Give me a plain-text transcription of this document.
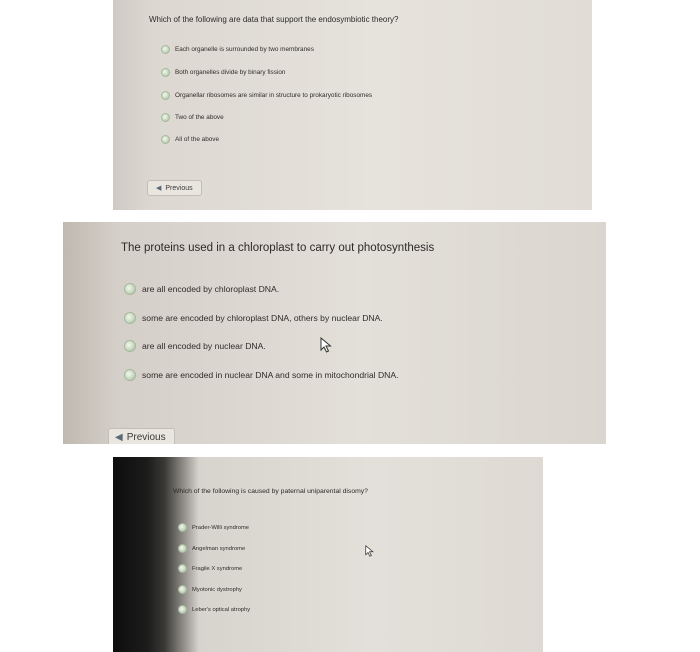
Which of the following are data that support the endosymbiotic theory?
Each organelle is surrounded by two membranes
Both organelles divide by binary fission
Organellar ribosomes are similar in structure to prokaryotic ribosomes
Two of the above
All of the above
◀ Previous
The proteins used in a chloroplast to carry out photosynthesis
are all encoded by chloroplast DNA.
some are encoded by chloroplast DNA, others by nuclear DNA.
are all encoded by nuclear DNA.
some are encoded in nuclear DNA and some in mitochondrial DNA.
◀ Previous
Which of the following is caused by paternal uniparental disomy?
Prader-Willi syndrome
Angelman syndrome
Fragile X syndrome
Myotonic dystrophy
Leber's optical atrophy
